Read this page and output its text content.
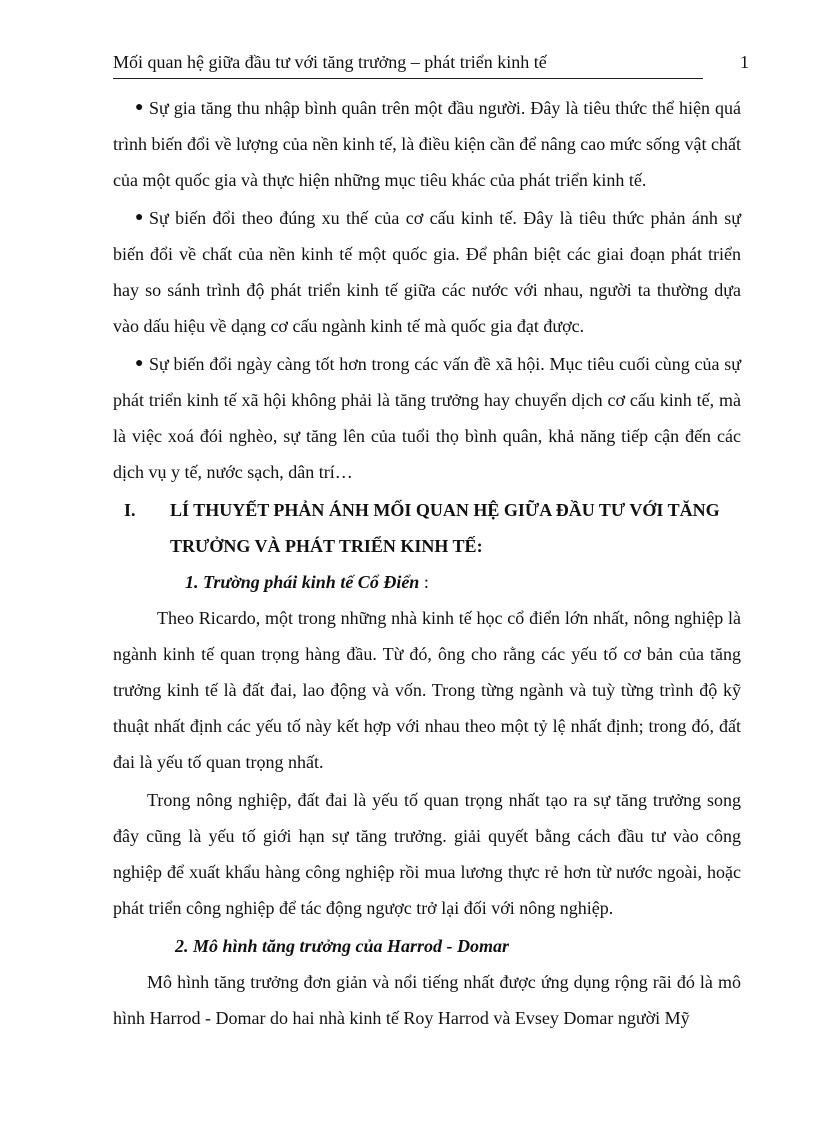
Mối quan hệ giữa đầu tư với tăng trưởng – phát triển kinh tế	1

● Sự gia tăng thu nhập bình quân trên một đầu người. Đây là tiêu thức thể hiện quá trình biến đổi về lượng của nền kinh tế, là điều kiện cần để nâng cao mức sống vật chất của một quốc gia và thực hiện những mục tiêu khác của phát triển kinh tế.

● Sự biến đổi theo đúng xu thế của cơ cấu kinh tế. Đây là tiêu thức phản ánh sự biến đổi về chất của nền kinh tế một quốc gia. Để phân biệt các giai đoạn phát triển hay so sánh trình độ phát triển kinh tế giữa các nước với nhau, người ta thường dựa vào dấu hiệu về dạng cơ cấu ngành kinh tế mà quốc gia đạt được.

● Sự biến đổi ngày càng tốt hơn trong các vấn đề xã hội. Mục tiêu cuối cùng của sự phát triển kinh tế xã hội không phải là tăng trưởng hay chuyển dịch cơ cấu kinh tế, mà là việc xoá đói nghèo, sự tăng lên của tuổi thọ bình quân, khả năng tiếp cận đến các dịch vụ y tế, nước sạch, dân trí…

I. LÍ THUYẾT PHẢN ÁNH MỐI QUAN HỆ GIỮA ĐẦU TƯ VỚI TĂNG TRƯỞNG VÀ PHÁT TRIỂN KINH TẾ:

1. Trường phái kinh tế Cổ Điển :

Theo Ricardo, một trong những nhà kinh tế học cổ điển lớn nhất, nông nghiệp là ngành kinh tế quan trọng hàng đầu. Từ đó, ông cho rằng các yếu tố cơ bản của tăng trưởng kinh tế là đất đai, lao động và vốn. Trong từng ngành và tuỳ từng trình độ kỹ thuật nhất định các yếu tố này kết hợp với nhau theo một tỷ lệ nhất định; trong đó, đất đai là yếu tố quan trọng nhất.

Trong nông nghiệp, đất đai là yếu tố quan trọng nhất tạo ra sự tăng trưởng song đây cũng là yếu tố giới hạn sự tăng trưởng. giải quyết bằng cách đầu tư vào công nghiệp để xuất khẩu hàng công nghiệp rồi mua lương thực rẻ hơn từ nước ngoài, hoặc phát triển công nghiệp để tác động ngược trở lại đối với nông nghiệp.

2. Mô hình tăng trưởng của Harrod - Domar

Mô hình tăng trưởng đơn giản và nổi tiếng nhất được ứng dụng rộng rãi đó là mô hình Harrod - Domar do hai nhà kinh tế Roy Harrod và Evsey Domar người Mỹ
